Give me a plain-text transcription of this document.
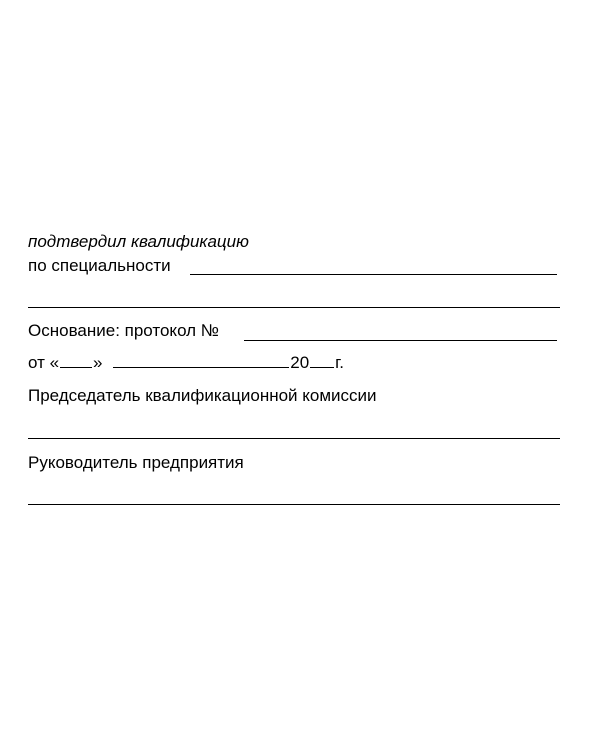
подтвердил квалификацию
по специальности
Основание: протокол №
от « »	20 г.
Председатель квалификационной комиссии
Руководитель предприятия
